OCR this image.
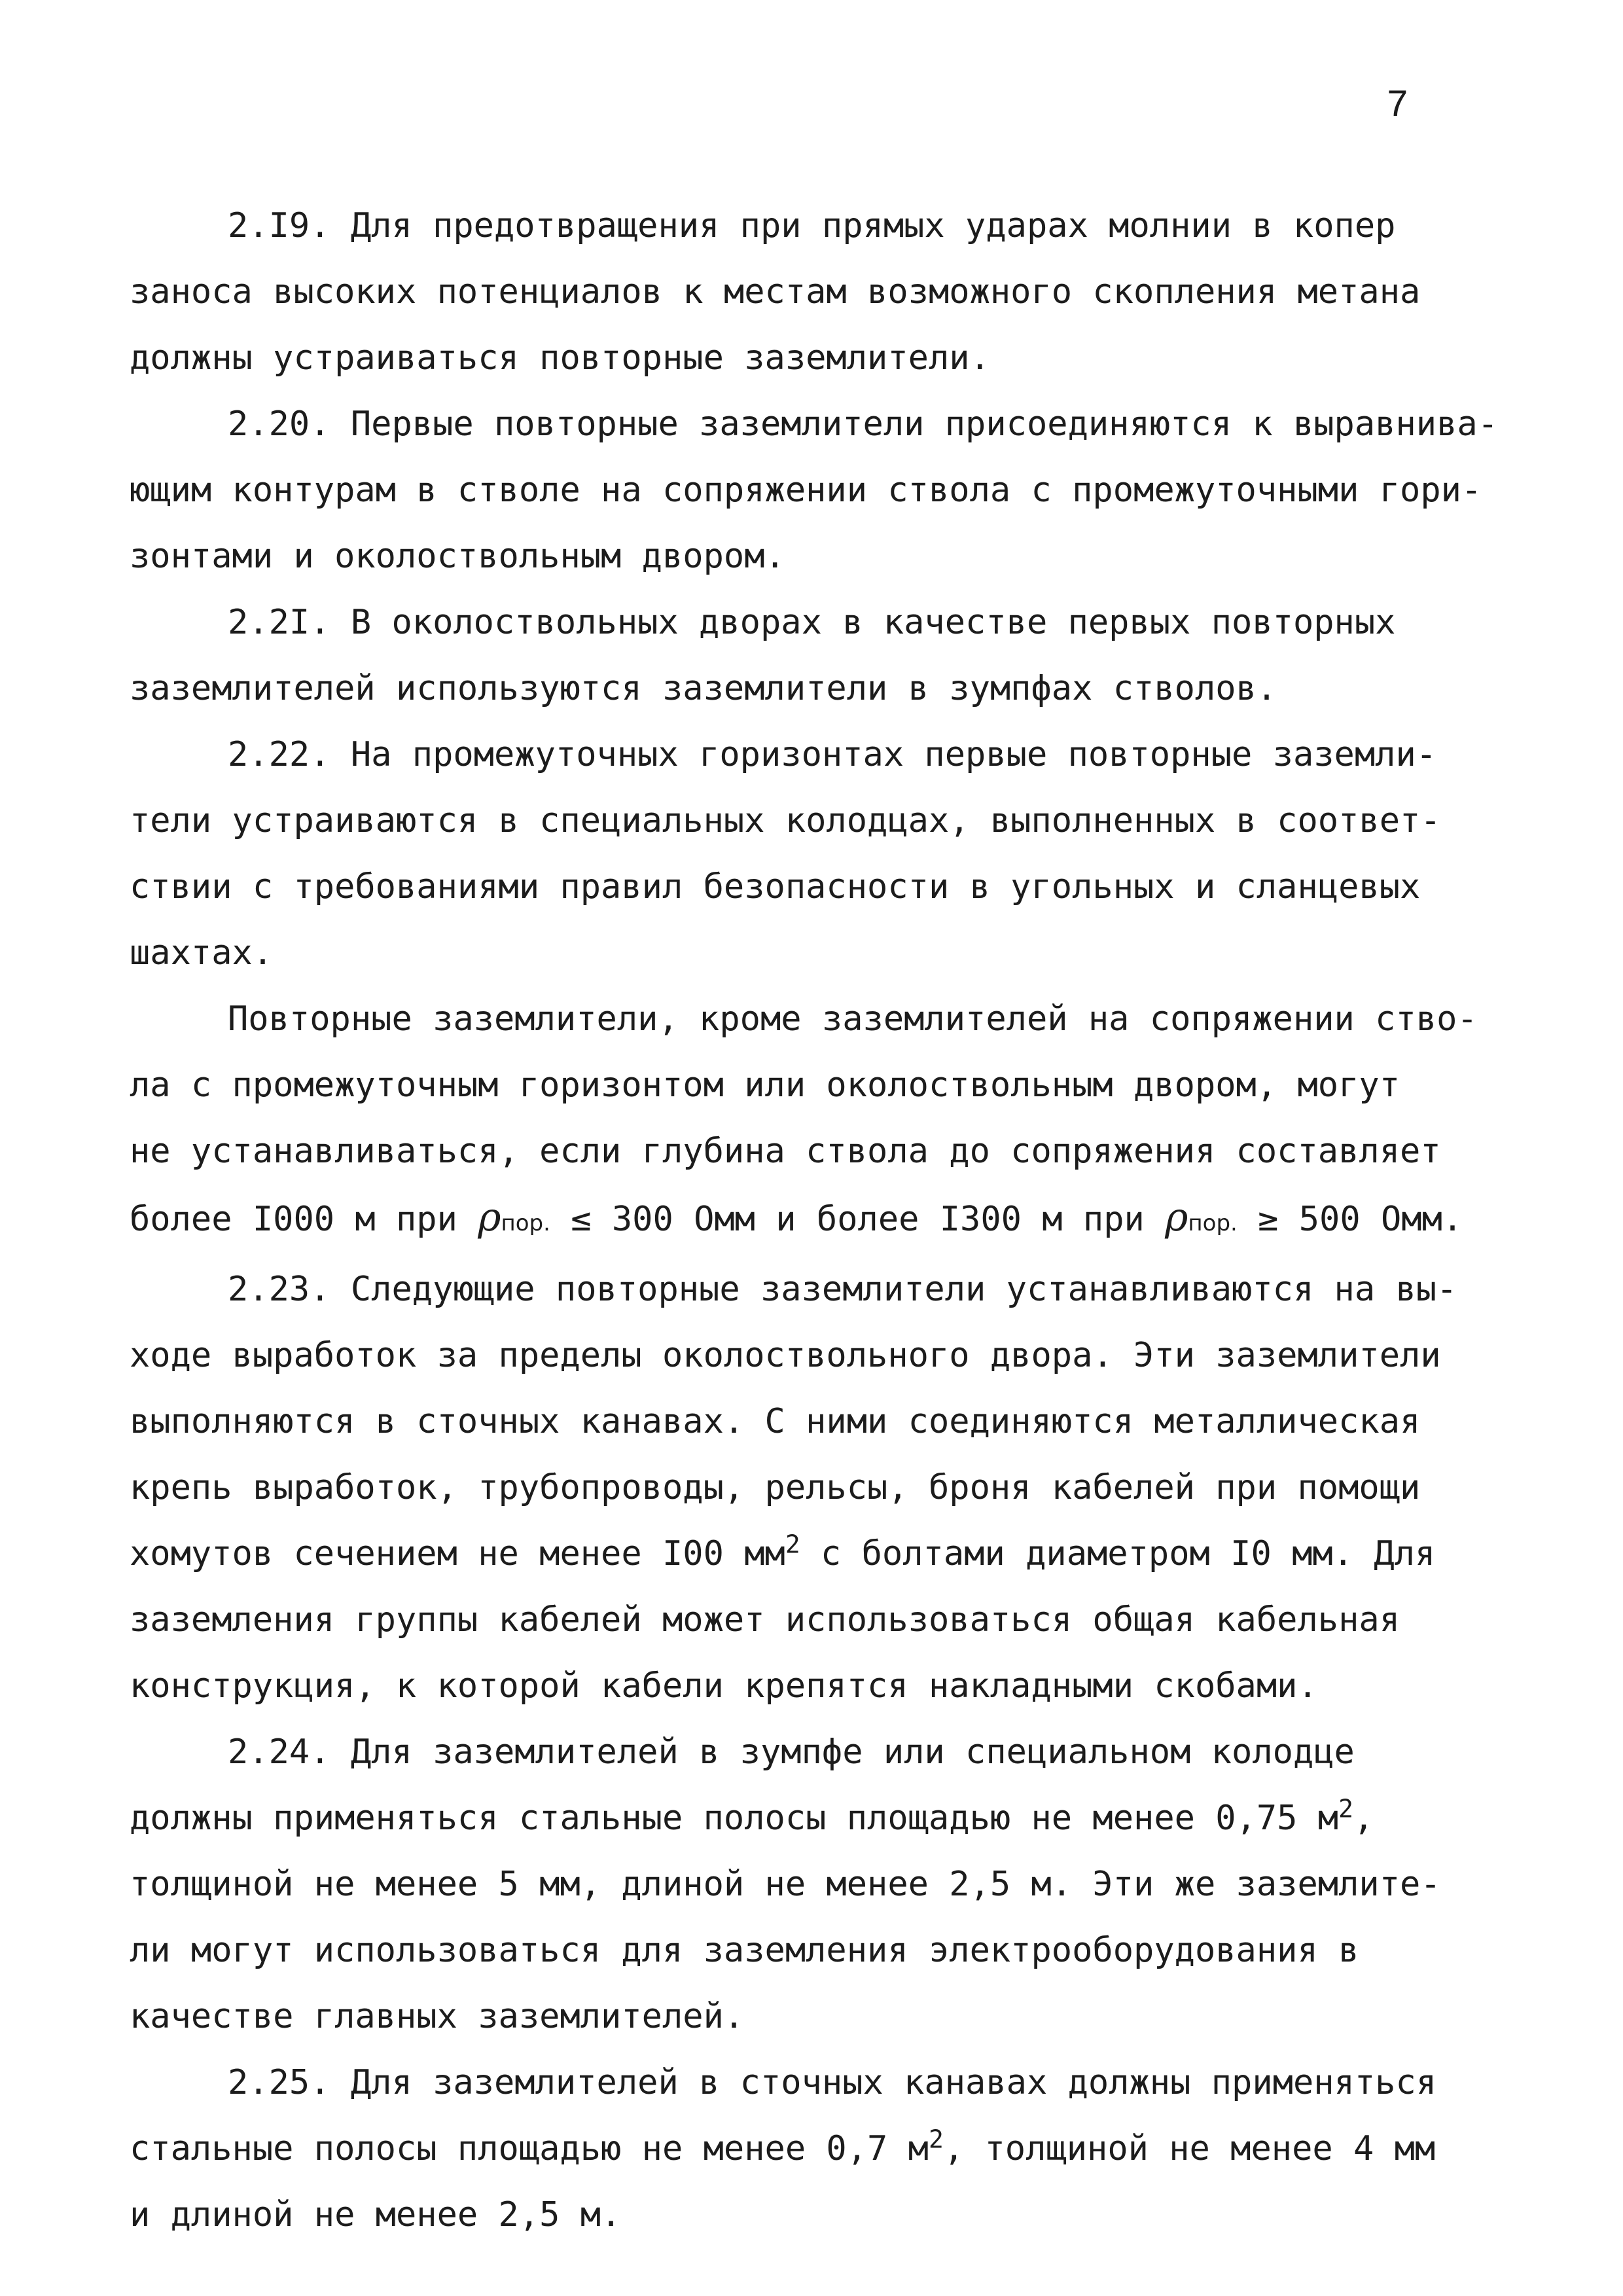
7
2.I9. Для предотвращения при прямых ударах молнии в копер
заноса высоких потенциалов к местам возможного скопления метана
должны устраиваться повторные заземлители.
2.20. Первые повторные заземлители присоединяются к выравнива-
ющим контурам в стволе на сопряжении ствола с промежуточными гори-
зонтами и околоствольным двором.
2.2I. В околоствольных дворах в качестве первых повторных
заземлителей используются заземлители в зумпфах стволов.
2.22. На промежуточных горизонтах первые повторные заземли-
тели устраиваются в специальных колодцах, выполненных в соответ-
ствии с требованиями правил безопасности в угольных и сланцевых
шахтах.
Повторные заземлители, кроме заземлителей на сопряжении ство-
ла с промежуточным горизонтом или околоствольным двором, могут
не устанавливаться, если глубина ствола до сопряжения составляет
более I000 м при ρпор. ≤ 300 Омм и более I300 м при ρпор. ≥ 500 Омм.
2.23. Следующие повторные заземлители устанавливаются на вы-
ходе выработок за пределы околоствольного двора. Эти заземлители
выполняются в сточных канавах. С ними соединяются металлическая
крепь выработок, трубопроводы, рельсы, броня кабелей при помощи
хомутов сечением не менее I00 $мм^2$ с болтами диаметром I0 мм. Для
заземления группы кабелей может использоваться общая кабельная
конструкция, к которой кабели крепятся накладными скобами.
2.24. Для заземлителей в зумпфе или специальном колодце
должны применяться стальные полосы площадью не менее 0,75 $м^2$,
толщиной не менее 5 мм, длиной не менее 2,5 м. Эти же заземлите-
ли могут использоваться для заземления электрооборудования в
качестве главных заземлителей.
2.25. Для заземлителей в сточных канавах должны применяться
стальные полосы площадью не менее 0,7 $м^2$, толщиной не менее 4 мм
и длиной не менее 2,5 м.
